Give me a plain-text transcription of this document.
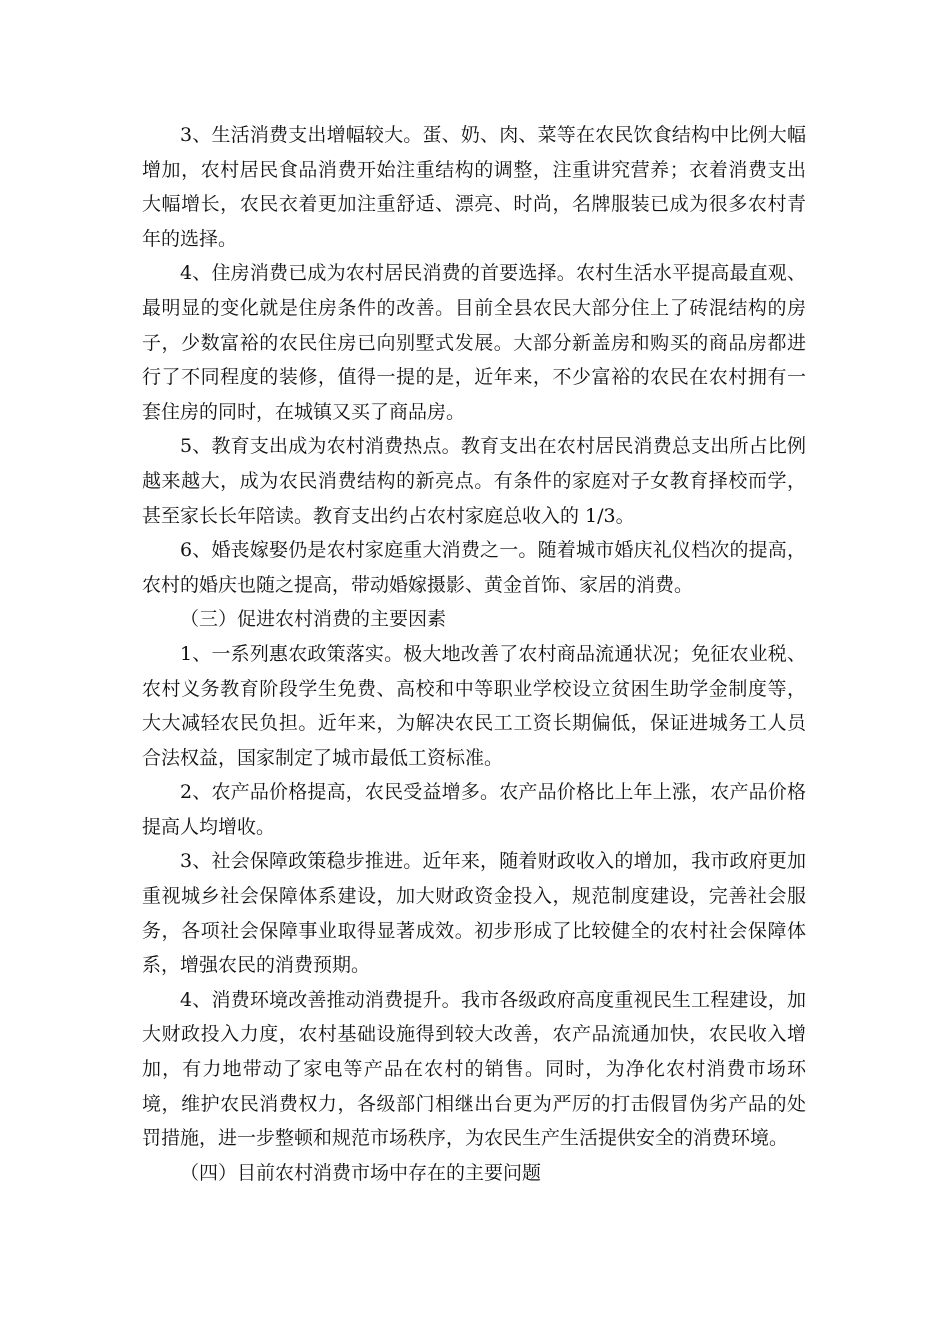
3、生活消费支出增幅较大。蛋、奶、肉、菜等在农民饮食结构中比例大幅增加，农村居民食品消费开始注重结构的调整，注重讲究营养；衣着消费支出大幅增长，农民衣着更加注重舒适、漂亮、时尚，名牌服装已成为很多农村青年的选择。

4、住房消费已成为农村居民消费的首要选择。农村生活水平提高最直观、最明显的变化就是住房条件的改善。目前全县农民大部分住上了砖混结构的房子，少数富裕的农民住房已向别墅式发展。大部分新盖房和购买的商品房都进行了不同程度的装修，值得一提的是，近年来，不少富裕的农民在农村拥有一套住房的同时，在城镇又买了商品房。

5、教育支出成为农村消费热点。教育支出在农村居民消费总支出所占比例越来越大，成为农民消费结构的新亮点。有条件的家庭对子女教育择校而学，甚至家长长年陪读。教育支出约占农村家庭总收入的 1/3。

6、婚丧嫁娶仍是农村家庭重大消费之一。随着城市婚庆礼仪档次的提高，农村的婚庆也随之提高，带动婚嫁摄影、黄金首饰、家居的消费。

（三）促进农村消费的主要因素

1、一系列惠农政策落实。极大地改善了农村商品流通状况；免征农业税、农村义务教育阶段学生免费、高校和中等职业学校设立贫困生助学金制度等，大大减轻农民负担。近年来，为解决农民工工资长期偏低，保证进城务工人员合法权益，国家制定了城市最低工资标准。

2、农产品价格提高，农民受益增多。农产品价格比上年上涨，农产品价格提高人均增收。

3、社会保障政策稳步推进。近年来，随着财政收入的增加，我市政府更加重视城乡社会保障体系建设，加大财政资金投入，规范制度建设，完善社会服务，各项社会保障事业取得显著成效。初步形成了比较健全的农村社会保障体系，增强农民的消费预期。

4、消费环境改善推动消费提升。我市各级政府高度重视民生工程建设，加大财政投入力度，农村基础设施得到较大改善，农产品流通加快，农民收入增加，有力地带动了家电等产品在农村的销售。同时，为净化农村消费市场环境，维护农民消费权力，各级部门相继出台更为严厉的打击假冒伪劣产品的处罚措施，进一步整顿和规范市场秩序，为农民生产生活提供安全的消费环境。

（四）目前农村消费市场中存在的主要问题
